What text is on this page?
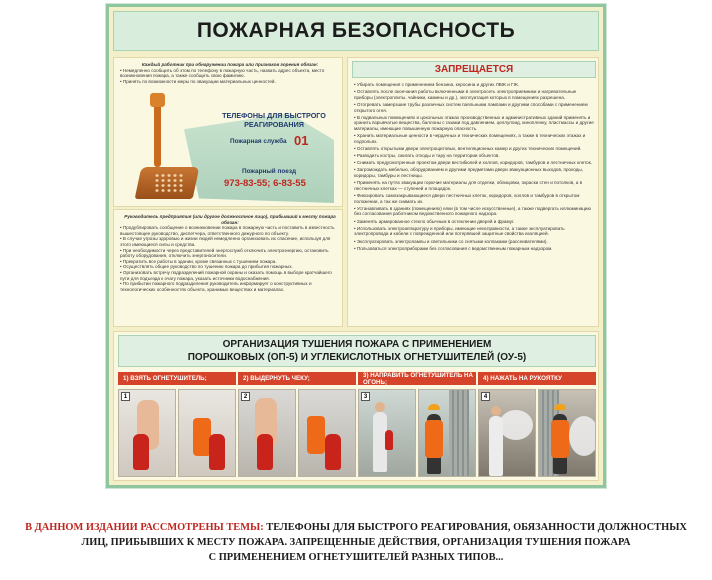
ПОЖАРНАЯ БЕЗОПАСНОСТЬ

Каждый работник при обнаружении пожара или признаков горения обязан:

• Немедленно сообщить об этом по телефону в пожарную часть, назвать адрес объекта, место возникновения пожара, а также сообщить свою фамилию.

• Принять по возможности меры по эвакуации материальных ценностей.

ТЕЛЕФОНЫ ДЛЯ БЫСТРОГО РЕАГИРОВАНИЯ
Пожарная служба 01
Пожарный поезд
973-83-55; 6-83-55

Руководитель предприятия (или другое должностное лицо), прибывший к месту пожара обязан:

• Продублировать сообщение о возникновении пожара в пожарную часть и поставить в известность вышестоящее руководство, диспетчера, ответственного дежурного по объекту.

• В случае угрозы здоровью и жизни людей немедленно организовать их спасение, используя для этого имеющиеся силы и средства.

• При необходимости через представителей энергослужб отключить электроэнергию, остановить работу оборудования, отключить энергоносители.

• Прекратить все работы в здании, кроме связанных с тушением пожара.

• Осуществлять общее руководство по тушению пожара до прибытия пожарных.

• Организовать встречу подразделений пожарной охраны и оказать помощь в выборе кратчайшего пути для подъезда к очагу пожара, указать источники водоснабжения.

• По прибытии пожарного подразделения руководитель информирует о конструктивных и технологических особенностях объекта, хранимых веществах и материалах.

ЗАПРЕЩАЕТСЯ

• Убирать помещения с применением бензина, керосина и других ЛВЖ и ГЖ.

• Оставлять после окончания работы включенными в электросеть электроприемники и нагревательные приборы (электроплиты, чайники, камины и др.), эксплуатация которых в помещениях разрешена.

• Отогревать замерзшие трубы различных систем паяльными лампами и другими способами с применением открытого огня.

• В подвальных помещениях и цокольных этажах производственных и административных зданий применять и хранить взрывчатые вещества, баллоны с газами под давлением, целлулоид, кинопленку, пластмассы и другие материалы, имеющие повышенную пожарную опасность.

• Хранить материальные ценности в чердачных и технических помещениях, а также в технических этажах и подпольях.

• Оставлять открытыми двери электрощитовых, вентиляционных камер и других технических помещений.

• Разводить костры, сжигать отходы и тару на территории объектов.

• Снимать предусмотренные проектом двери вестибюлей и холлов, коридоров, тамбуров и лестничных клеток.

• Загромождать мебелью, оборудованием и другими предметами двери эвакуационных выходов, проходы, коридоры, тамбуры и лестницы.

• Применять на путях эвакуации горючие материалы для отделки, облицовки, окраски стен и потолков, а в лестничных клетках — ступеней и площадок.

• Фиксировать самозакрывающиеся двери лестничных клеток, коридоров, холлов и тамбуров в открытом положении, а так же снимать их.

• Устанавливать в зданиях (помещениях) елки (в том числе искусственные), а также подвергать иллюминацию без согласования работником ведомственного пожарного надзора.

• Заменять армированное стекло обычным в остеклении дверей и фрамуг.

• Использовать электроаппаратуру и приборы, имеющие неисправности, а также эксплуатировать электропровода и кабели с поврежденной или потерявшей защитные свойства изоляцией.

• Эксплуатировать электролампы и светильники со снятыми колпаками (рассеивателями).

• Пользоваться электроприборами без согласования с ведомственным пожарным надзором.

ОРГАНИЗАЦИЯ ТУШЕНИЯ ПОЖАРА С ПРИМЕНЕНИЕМ
ПОРОШКОВЫХ (ОП-5) И УГЛЕКИСЛОТНЫХ ОГНЕТУШИТЕЛЕЙ (ОУ-5)
1) ВЗЯТЬ ОГНЕТУШИТЕЛЬ;
1
2) ВЫДЕРНУТЬ ЧЕКУ;
2
3) НАПРАВИТЬ ОГНЕТУШИТЕЛЬ НА ОГОНЬ;
3
4) НАЖАТЬ НА РУКОЯТКУ
4
В ДАННОМ ИЗДАНИИ РАССМОТРЕНЫ ТЕМЫ: ТЕЛЕФОНЫ ДЛЯ БЫСТРОГО РЕАГИРОВАНИЯ, ОБЯЗАННОСТИ ДОЛЖНОСТНЫХ
ЛИЦ, ПРИБЫВШИХ К МЕСТУ ПОЖАРА. ЗАПРЕЩЕННЫЕ ДЕЙСТВИЯ, ОРГАНИЗАЦИЯ ТУШЕНИЯ ПОЖАРА
С ПРИМЕНЕНИЕМ ОГНЕТУШИТЕЛЕЙ РАЗНЫХ ТИПОВ...
